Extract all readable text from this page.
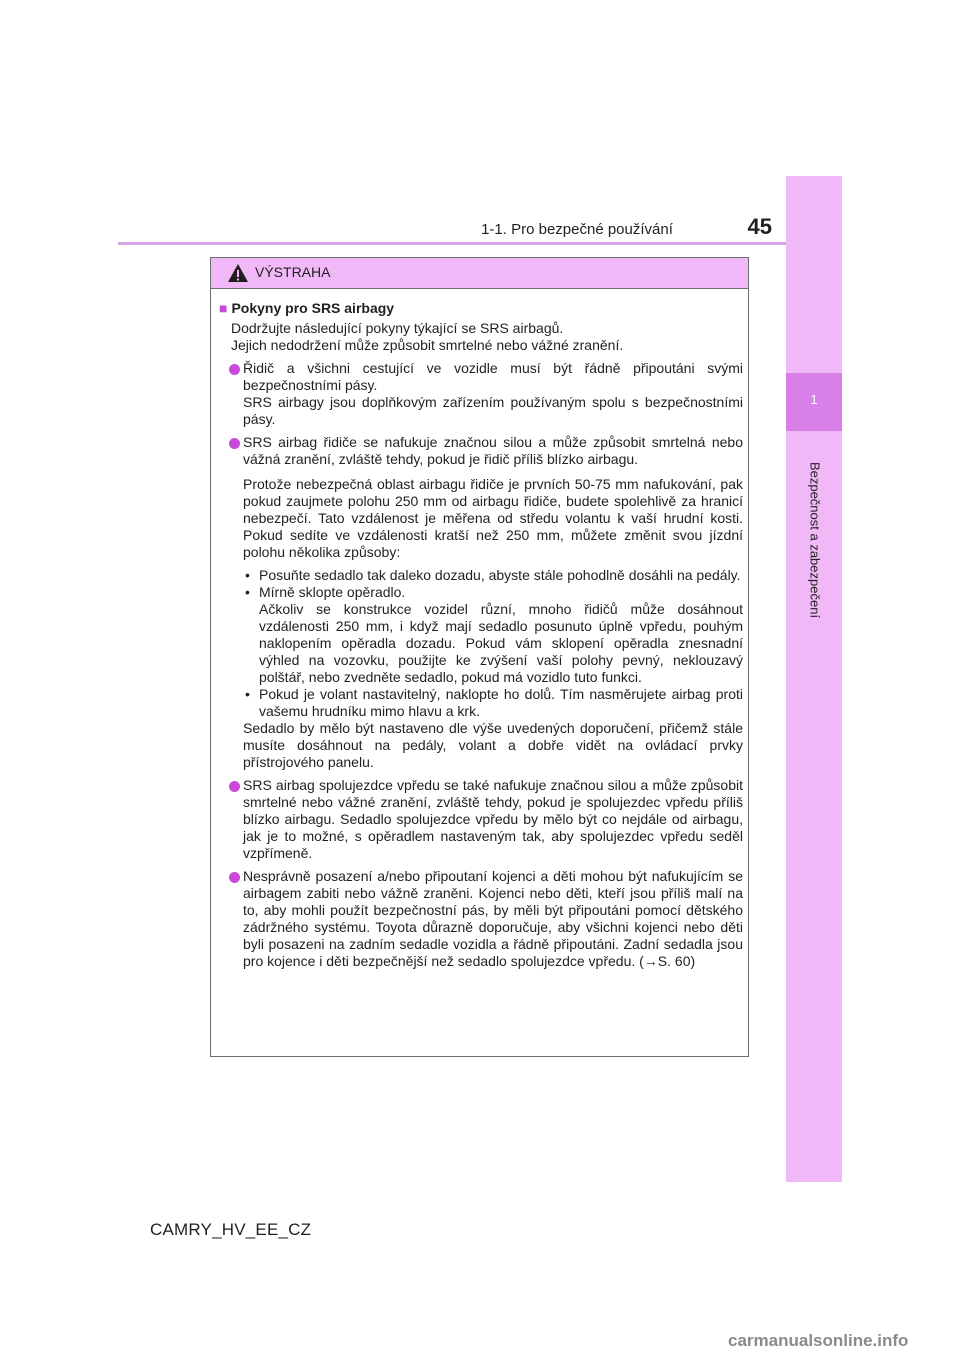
1-1. Pro bezpečné používání	45
1
Bezpečnost a zabezpečení
VÝSTRAHA
■ Pokyny pro SRS airbagy

Dodržujte následující pokyny týkající se SRS airbagů.

Jejich nedodržení může způsobit smrtelné nebo vážné zranění.

Řidič a všichni cestující ve vozidle musí být řádně připoutáni svými bezpečnostními pásy.

SRS airbagy jsou doplňkovým zařízením používaným spolu s bezpečnostními pásy.

SRS airbag řidiče se nafukuje značnou silou a může způsobit smrtelná nebo vážná zranění, zvláště tehdy, pokud je řidič příliš blízko airbagu.

Protože nebezpečná oblast airbagu řidiče je prvních 50-75 mm nafukování, pak pokud zaujmete polohu 250 mm od airbagu řidiče, budete spolehlivě za hranicí nebezpečí. Tato vzdálenost je měřena od středu volantu k vaší hrudní kosti. Pokud sedíte ve vzdálenosti kratší než 250 mm, můžete změnit svou jízdní polohu několika způsoby:

• Posuňte sedadlo tak daleko dozadu, abyste stále pohodlně dosáhli na pedály.
• Mírně sklopte opěradlo.
Ačkoliv se konstrukce vozidel různí, mnoho řidičů může dosáhnout vzdálenosti 250 mm, i když mají sedadlo posunuto úplně vpředu, pouhým naklopením opěradla dozadu. Pokud vám sklopení opěradla znesnadní výhled na vozovku, použijte ke zvýšení vaší polohy pevný, neklouzavý polštář, nebo zvedněte sedadlo, pokud má vozidlo tuto funkci.
• Pokud je volant nastavitelný, naklopte ho dolů. Tím nasměrujete airbag proti vašemu hrudníku mimo hlavu a krk.

Sedadlo by mělo být nastaveno dle výše uvedených doporučení, přičemž stále musíte dosáhnout na pedály, volant a dobře vidět na ovládací prvky přístrojového panelu.

SRS airbag spolujezdce vpředu se také nafukuje značnou silou a může způsobit smrtelné nebo vážné zranění, zvláště tehdy, pokud je spolujezdec vpředu příliš blízko airbagu. Sedadlo spolujezdce vpředu by mělo být co nejdále od airbagu, jak je to možné, s opěradlem nastaveným tak, aby spolujezdec vpředu seděl vzpřímeně.

Nesprávně posazení a/nebo připoutaní kojenci a děti mohou být nafukujícím se airbagem zabiti nebo vážně zraněni. Kojenci nebo děti, kteří jsou příliš malí na to, aby mohli použít bezpečnostní pás, by měli být připoutáni pomocí dětského zádržného systému. Toyota důrazně doporučuje, aby všichni kojenci nebo děti byli posazeni na zadním sedadle vozidla a řádně připoutáni. Zadní sedadla jsou pro kojence i děti bezpečnější než sedadlo spolujezdce vpředu. (→S. 60)

CAMRY_HV_EE_CZ
carmanualsonline.info
